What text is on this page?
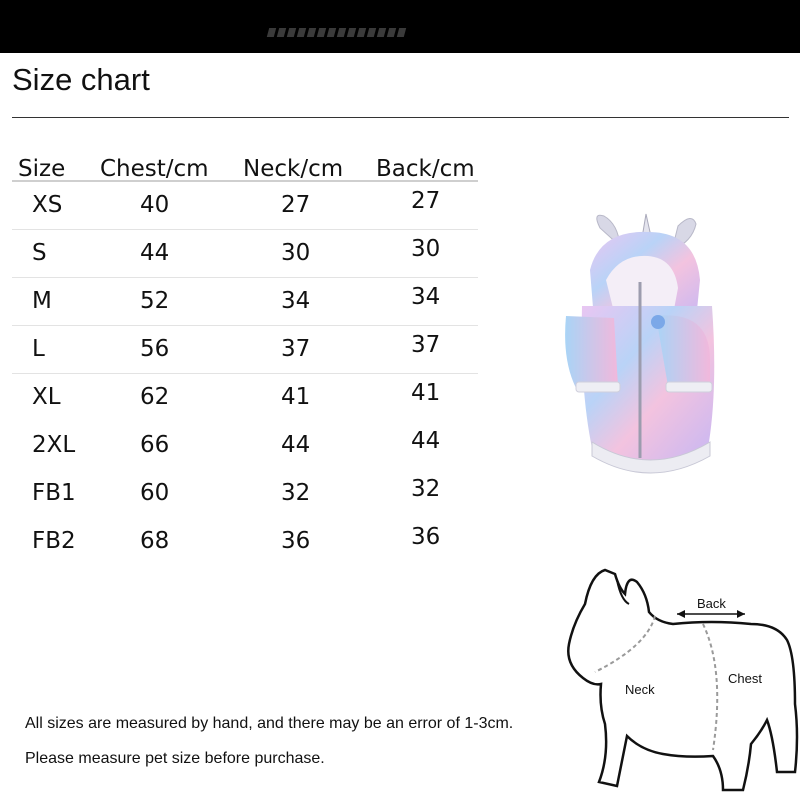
Size chart
Size Chest/cm Neck/cm Back/cm
XS	40	27	27
S	44	30	30
M	52	34	34
L	56	37	37
XL	62	41	41
2XL	66	44	44
FB1	60	32	32
FB2	68	36	36
Back
Neck
Chest
All sizes are measured by hand, and there may be an error of 1-3cm.
Please measure pet size before purchase.
